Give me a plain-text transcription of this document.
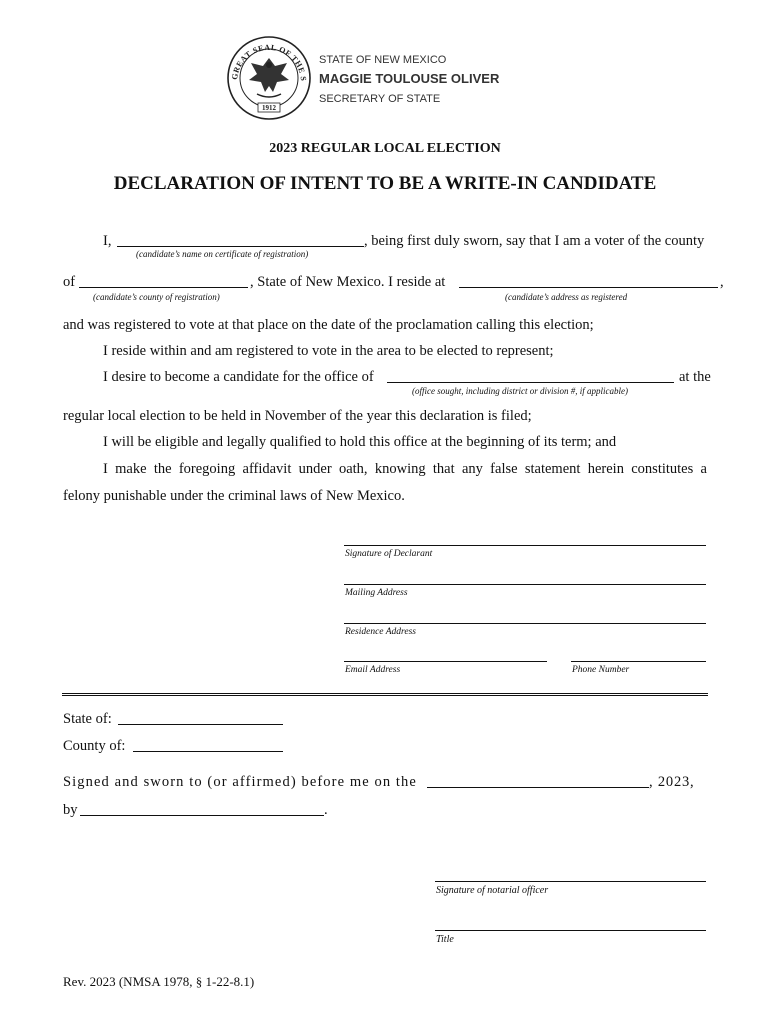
GREAT SEAL OF THE S
1912
STATE OF NEW MEXICO
MAGGIE TOULOUSE OLIVER
SECRETARY OF STATE
2023 REGULAR LOCAL ELECTION
DECLARATION OF INTENT TO BE A WRITE-IN CANDIDATE
I,	, being first duly sworn, say that I am a voter of the county
(candidate’s name on certificate of registration)
of	, State of New Mexico. I reside at	,
(candidate’s county of registration)	(candidate’s address as registered
and was registered to vote at that place on the date of the proclamation calling this election;
I reside within and am registered to vote in the area to be elected to represent;
I desire to become a candidate for the office of	at the
(office sought, including district or division #, if applicable)
regular local election to be held in November of the year this declaration is filed;
I will be eligible and legally qualified to hold this office at the beginning of its term; and
I make the foregoing affidavit under oath, knowing that any false statement herein constitutes a
felony punishable under the criminal laws of New Mexico.
Signature of Declarant
Mailing Address
Residence Address
Email Address	Phone Number
State of:
County of:
Signed and sworn to (or affirmed) before me on the	, 2023,
by	.
Signature of notarial officer
Title
Rev. 2023 (NMSA 1978, § 1-22-8.1)
